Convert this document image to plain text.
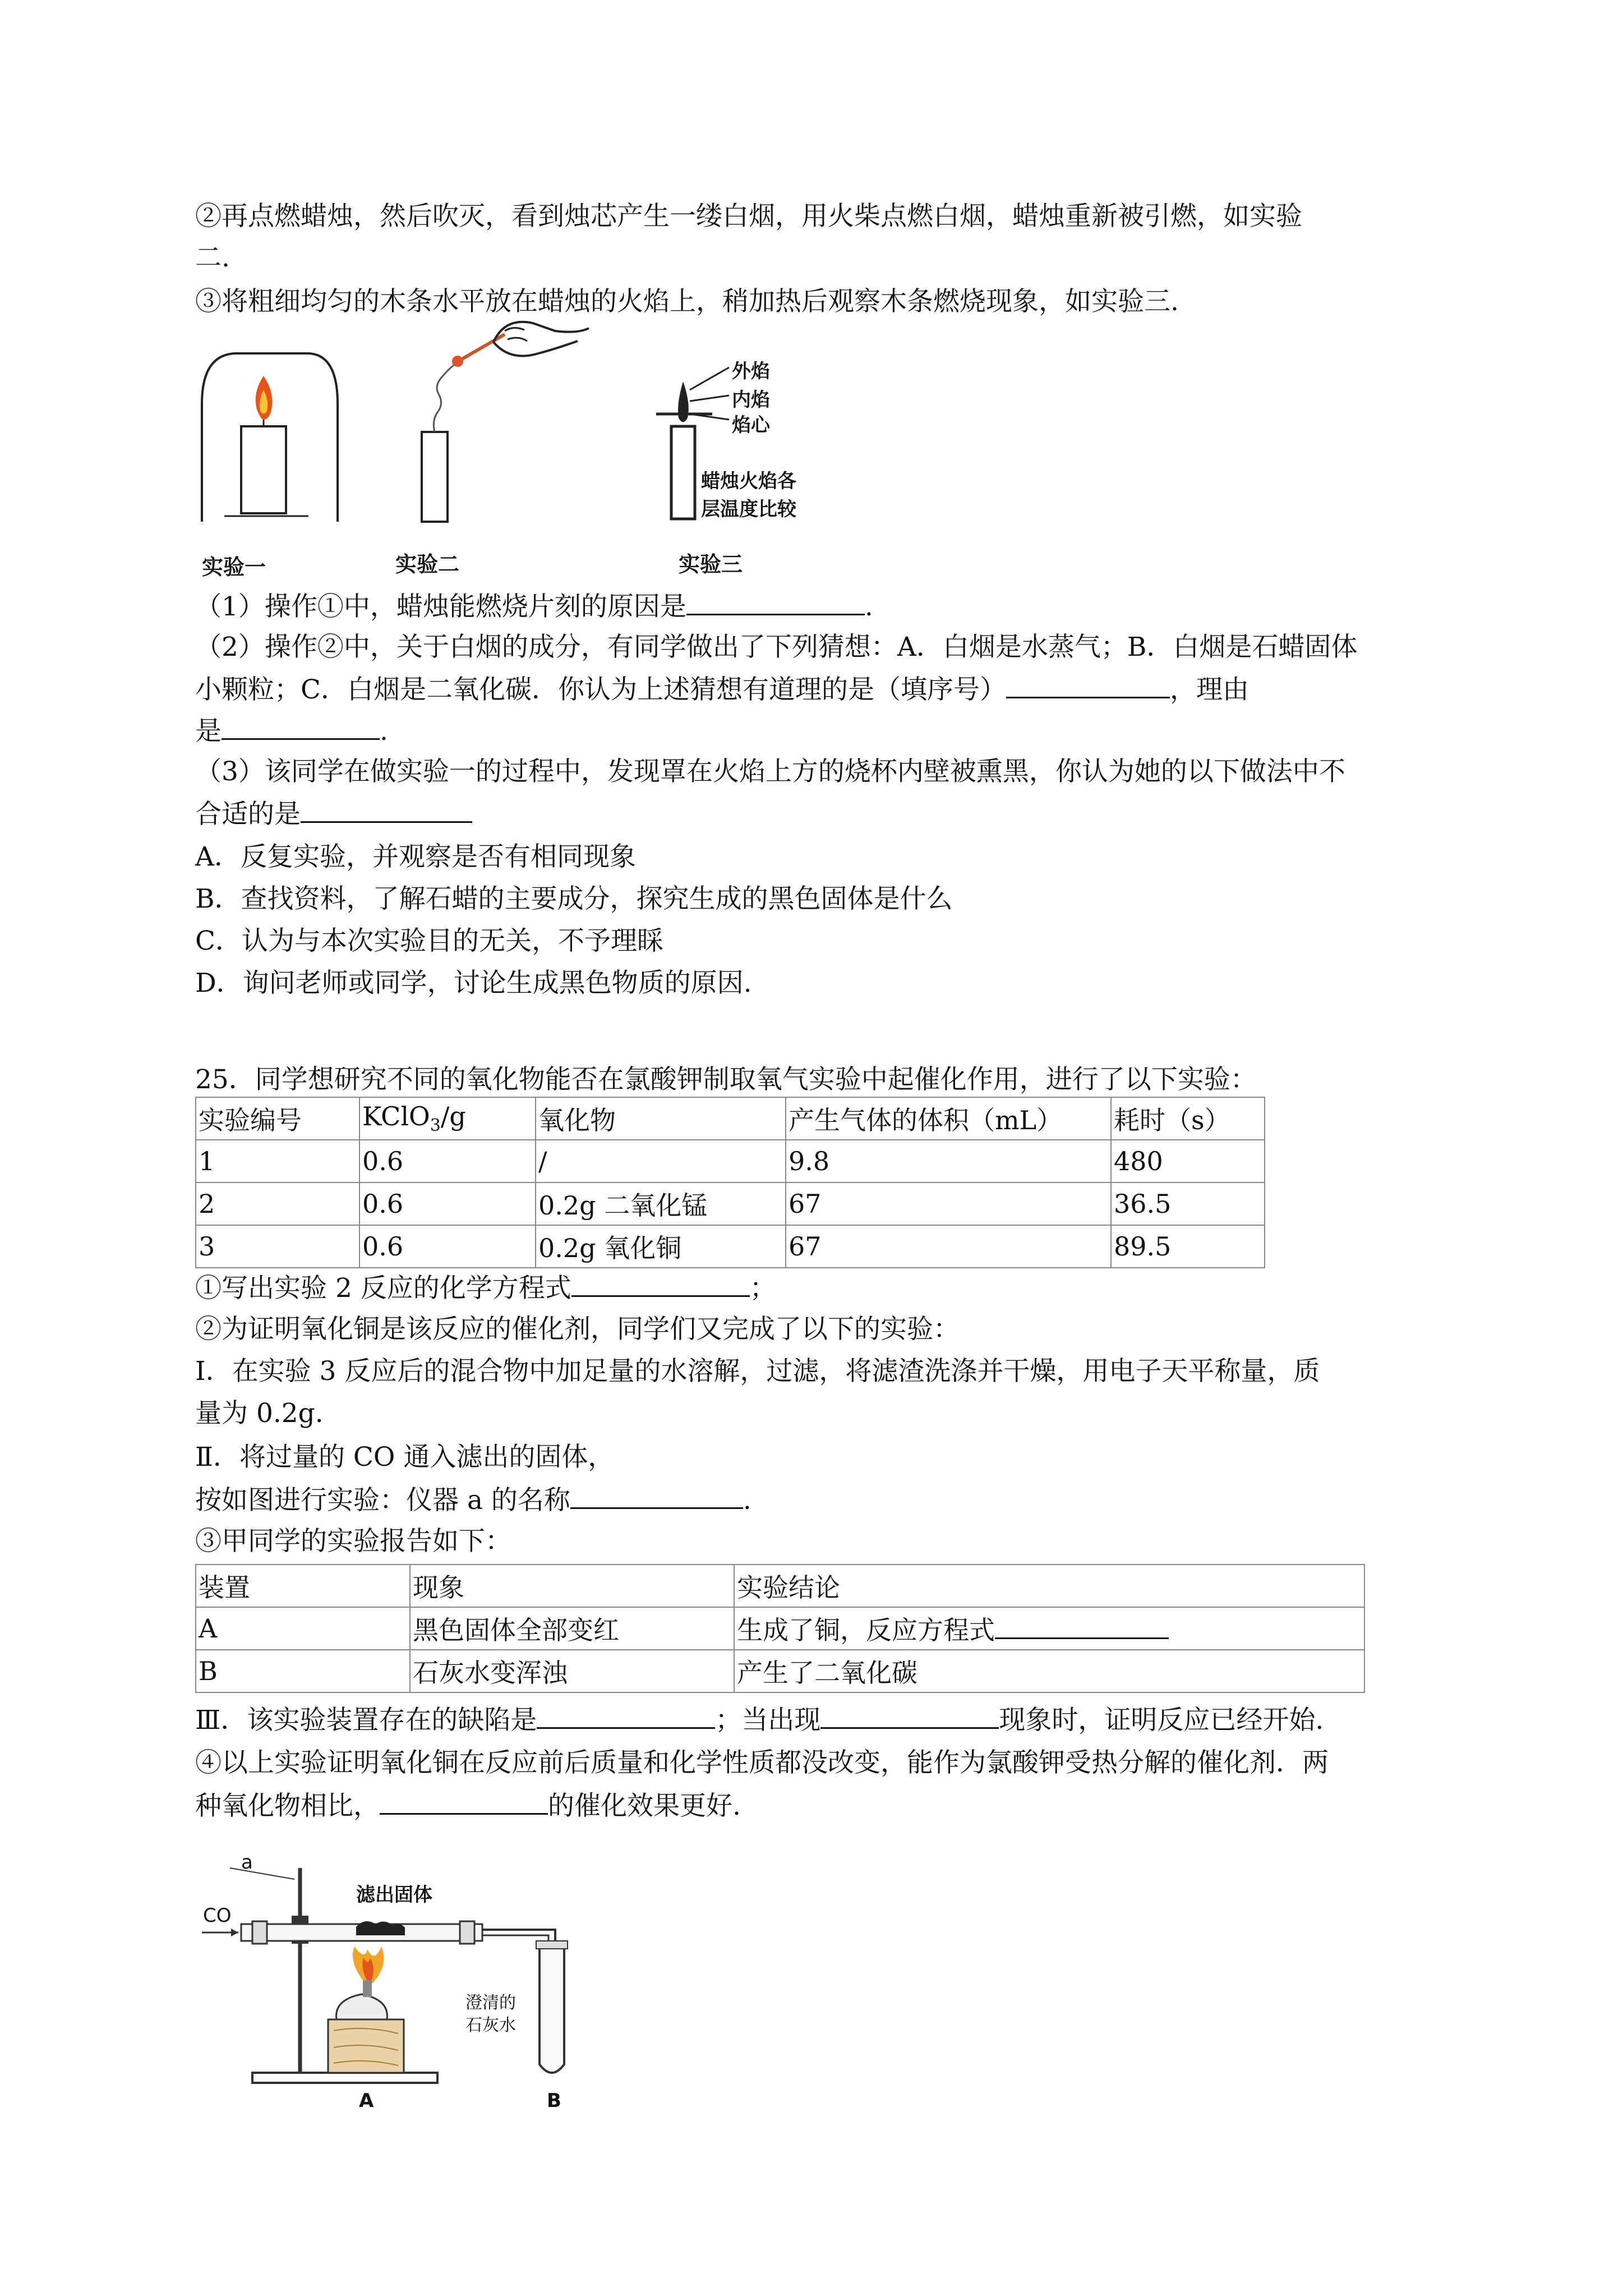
②再点燃蜡烛，然后吹灭，看到烛芯产生一缕白烟，用火柴点燃白烟，蜡烛重新被引燃，如实验
二.
③将粗细均匀的木条水平放在蜡烛的火焰上，稍加热后观察木条燃烧现象，如实验三.
外焰
内焰
焰心
蜡烛火焰各
层温度比较
实验一	实验二	实验三
（1）操作①中，蜡烛能燃烧片刻的原因是	.
（2）操作②中，关于白烟的成分，有同学做出了下列猜想：A．白烟是水蒸气；B．白烟是石蜡固体
小颗粒；C．白烟是二氧化碳．你认为上述猜想有道理的是（填序号）	，理由
是	.
（3）该同学在做实验一的过程中，发现罩在火焰上方的烧杯内壁被熏黑，你认为她的以下做法中不
合适的是
A．反复实验，并观察是否有相同现象
B．查找资料，了解石蜡的主要成分，探究生成的黑色固体是什么
C．认为与本次实验目的无关，不予理睬
D．询问老师或同学，讨论生成黑色物质的原因.
25．同学想研究不同的氧化物能否在氯酸钾制取氧气实验中起催化作用，进行了以下实验：
实验编号	KClO$_3$/g	氧化物	产生气体的体积（mL）	耗时（s）
1	0.6	/	9.8	480
2	0.6	0.2g 二氧化锰	67	36.5
3	0.6	0.2g 氧化铜	67	89.5
①写出实验 2 反应的化学方程式	；
②为证明氧化铜是该反应的催化剂，同学们又完成了以下的实验：
Ⅰ．在实验 3 反应后的混合物中加足量的水溶解，过滤，将滤渣洗涤并干燥，用电子天平称量，质
量为 0.2g.
Ⅱ．将过量的 CO 通入滤出的固体，
按如图进行实验：仪器 a 的名称	.
③甲同学的实验报告如下：
装置	现象	实验结论
A	黑色固体全部变红	生成了铜，反应方程式
B	石灰水变浑浊	产生了二氧化碳
Ⅲ．该实验装置存在的缺陷是	；当出现	现象时，证明反应已经开始.
④以上实验证明氧化铜在反应前后质量和化学性质都没改变，能作为氯酸钾受热分解的催化剂．两
种氧化物相比，	的催化效果更好.
a
滤出固体
CO
澄清的
石灰水
A	B
